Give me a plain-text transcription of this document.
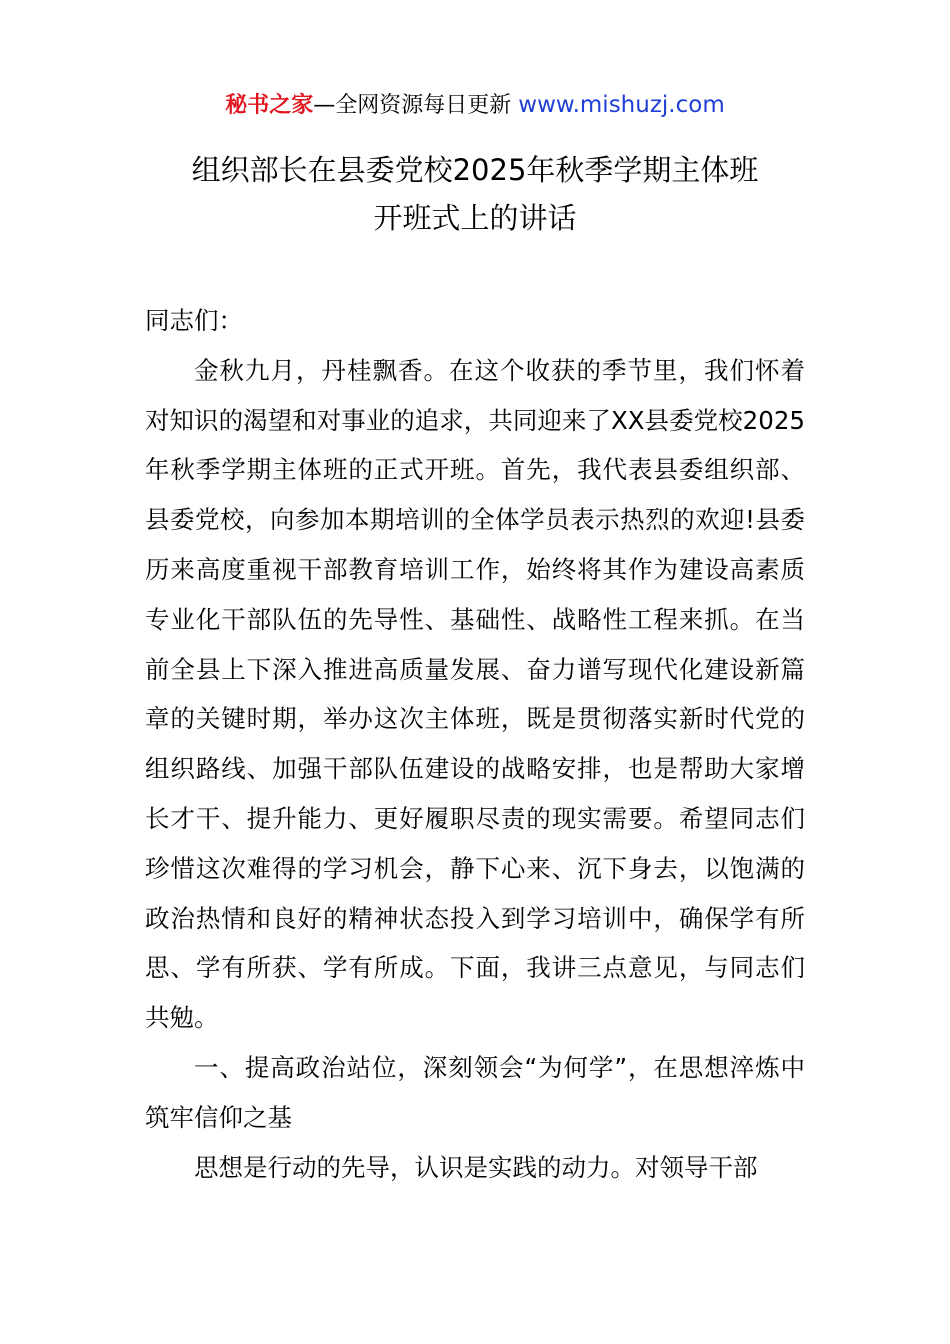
秘书之家—全网资源每日更新 www.mishuzj.com
组织部长在县委党校2025年秋季学期主体班
开班式上的讲话

同志们：

金秋九月，丹桂飘香。在这个收获的季节里，我们怀着对知识的渴望和对事业的追求，共同迎来了XX县委党校2025年秋季学期主体班的正式开班。首先，我代表县委组织部、县委党校，向参加本期培训的全体学员表示热烈的欢迎!县委历来高度重视干部教育培训工作，始终将其作为建设高素质专业化干部队伍的先导性、基础性、战略性工程来抓。在当前全县上下深入推进高质量发展、奋力谱写现代化建设新篇章的关键时期，举办这次主体班，既是贯彻落实新时代党的组织路线、加强干部队伍建设的战略安排，也是帮助大家增长才干、提升能力、更好履职尽责的现实需要。希望同志们珍惜这次难得的学习机会，静下心来、沉下身去，以饱满的政治热情和良好的精神状态投入到学习培训中，确保学有所思、学有所获、学有所成。下面，我讲三点意见，与同志们共勉。

一、提高政治站位，深刻领会“为何学”，在思想淬炼中筑牢信仰之基

思想是行动的先导，认识是实践的动力。对领导干部
